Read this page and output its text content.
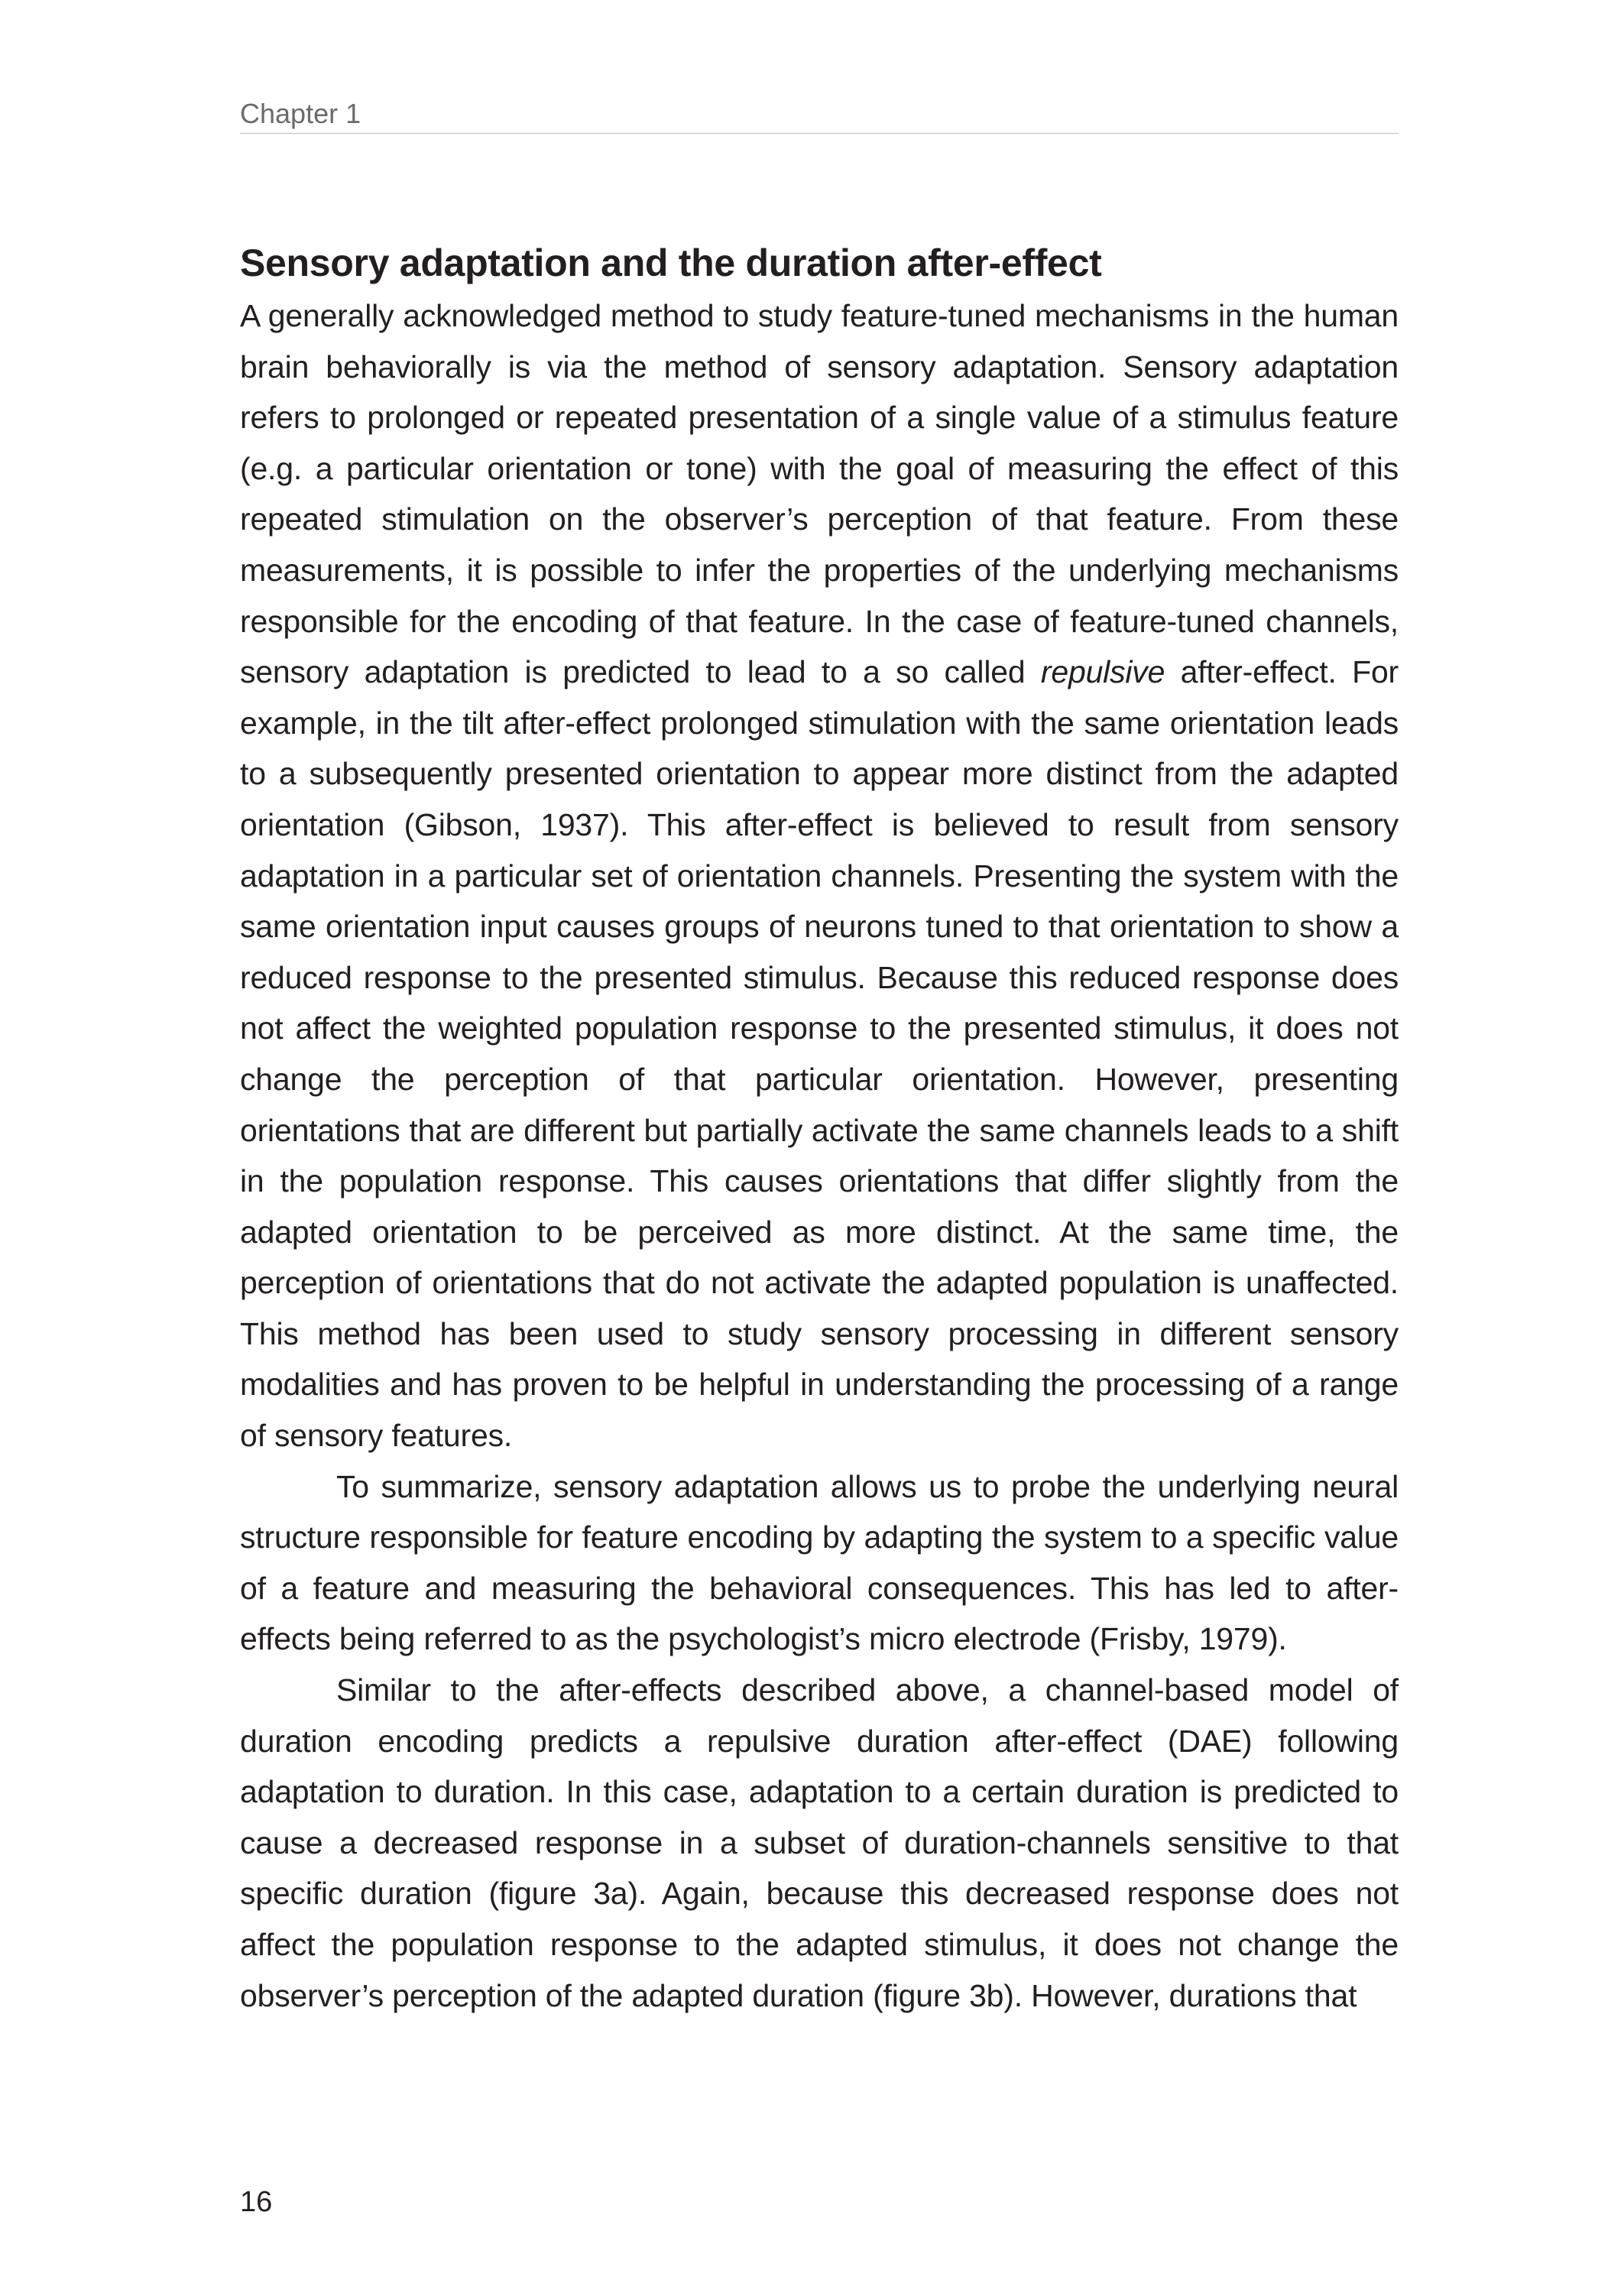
Chapter 1
Sensory adaptation and the duration after-effect

A generally acknowledged method to study feature-tuned mechanisms in the human brain behaviorally is via the method of sensory adaptation. Sensory adaptation refers to prolonged or repeated presentation of a single value of a stimulus feature (e.g. a particular orientation or tone) with the goal of measuring the effect of this repeated stimulation on the observer’s perception of that feature. From these measurements, it is possible to infer the properties of the underlying mechanisms responsible for the encoding of that feature. In the case of feature-tuned channels, sensory adaptation is predicted to lead to a so called repulsive after-effect. For example, in the tilt after-effect prolonged stimulation with the same orientation leads to a subsequently presented orientation to appear more distinct from the adapted orientation (Gibson, 1937). This after-effect is believed to result from sensory adaptation in a particular set of orientation channels. Presenting the system with the same orientation input causes groups of neurons tuned to that orientation to show a reduced response to the presented stimulus. Because this reduced response does not affect the weighted population response to the presented stimulus, it does not change the perception of that particular orientation. However, presenting orientations that are different but partially activate the same channels leads to a shift in the population response. This causes orientations that differ slightly from the adapted orientation to be perceived as more distinct. At the same time, the perception of orientations that do not activate the adapted population is unaffected. This method has been used to study sensory processing in different sensory modalities and has proven to be helpful in understanding the processing of a range of sensory features.

To summarize, sensory adaptation allows us to probe the underlying neural structure responsible for feature encoding by adapting the system to a specific value of a feature and measuring the behavioral consequences. This has led to after-effects being referred to as the psychologist’s micro electrode (Frisby, 1979).

Similar to the after-effects described above, a channel-based model of duration encoding predicts a repulsive duration after-effect (DAE) following adaptation to duration. In this case, adaptation to a certain duration is predicted to cause a decreased response in a subset of duration-channels sensitive to that specific duration (figure 3a). Again, because this decreased response does not affect the population response to the adapted stimulus, it does not change the observer’s perception of the adapted duration (figure 3b). However, durations that

16
